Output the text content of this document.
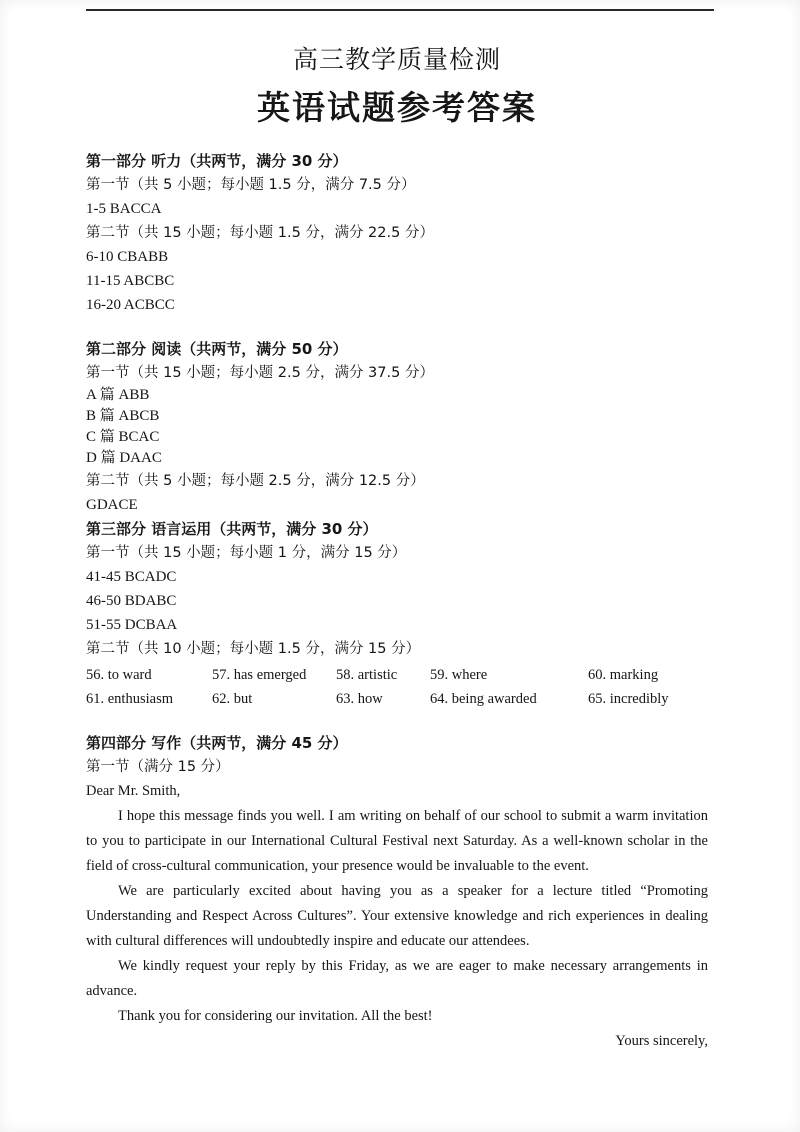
高三教学质量检测
英语试题参考答案
第一部分 听力（共两节，满分 30 分）
第一节（共 5 小题；每小题 1.5 分，满分 7.5 分）
1-5 BACCA
第二节（共 15 小题；每小题 1.5 分，满分 22.5 分）
6-10 CBABB
11-15 ABCBC
16-20 ACBCC
第二部分 阅读（共两节，满分 50 分）
第一节（共 15 小题；每小题 2.5 分，满分 37.5 分）
A 篇 ABB
B 篇 ABCB
C 篇 BCAC
D 篇 DAAC
第二节（共 5 小题；每小题 2.5 分，满分 12.5 分）
GDACE
第三部分 语言运用（共两节，满分 30 分）
第一节（共 15 小题；每小题 1 分，满分 15 分）
41-45 BCADC
46-50 BDABC
51-55 DCBAA
第二节（共 10 小题；每小题 1.5 分，满分 15 分）
56. to ward	57. has emerged	58. artistic	59. where	60. marking
61. enthusiasm	62. but	63. how	64. being awarded	65. incredibly
第四部分 写作（共两节，满分 45 分）
第一节（满分 15 分）

Dear Mr. Smith,

I hope this message finds you well. I am writing on behalf of our school to submit a warm invitation to you to participate in our International Cultural Festival next Saturday. As a well-known scholar in the field of cross-cultural communication, your presence would be invaluable to the event.

We are particularly excited about having you as a speaker for a lecture titled “Promoting Understanding and Respect Across Cultures”. Your extensive knowledge and rich experiences in dealing with cultural differences will undoubtedly inspire and educate our attendees.

We kindly request your reply by this Friday, as we are eager to make necessary arrangements in advance.

Thank you for considering our invitation. All the best!

Yours sincerely,
